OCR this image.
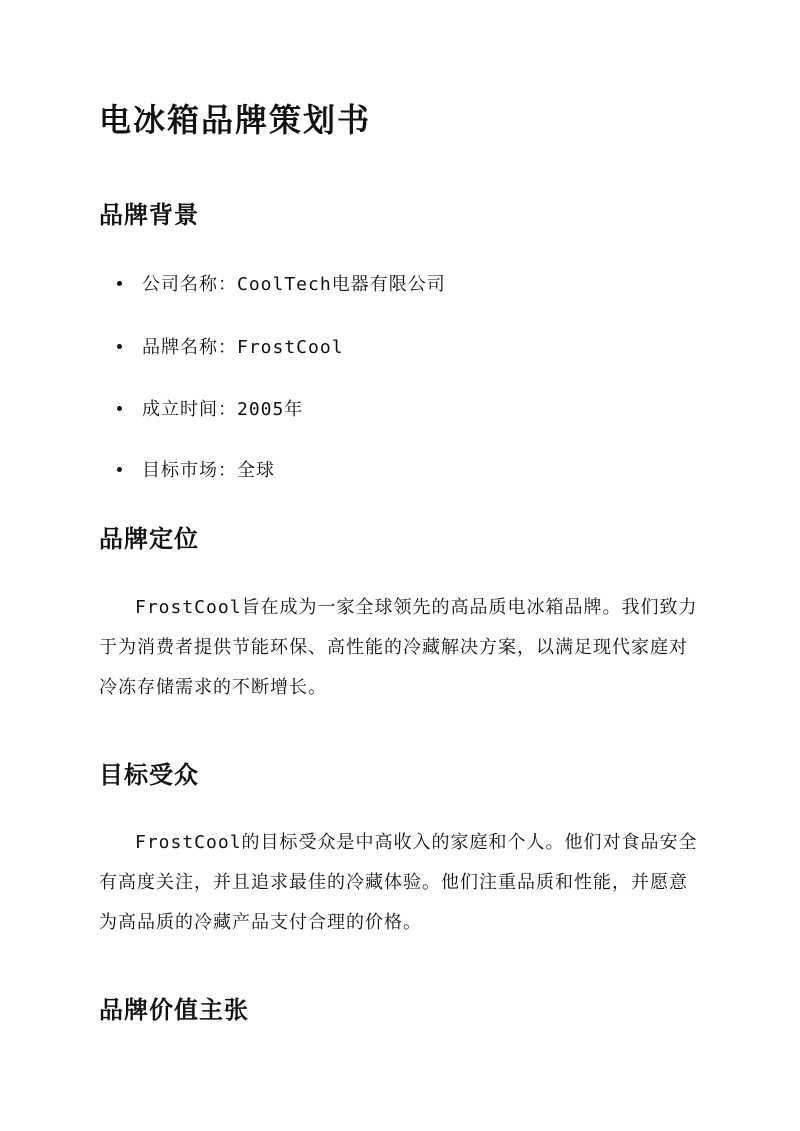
电冰箱品牌策划书
品牌背景
公司名称：CoolTech电器有限公司
品牌名称：FrostCool
成立时间：2005年
目标市场：全球
品牌定位

FrostCool旨在成为一家全球领先的高品质电冰箱品牌。我们致力于为消费者提供节能环保、高性能的冷藏解决方案，以满足现代家庭对冷冻存储需求的不断增长。

目标受众

FrostCool的目标受众是中高收入的家庭和个人。他们对食品安全有高度关注，并且追求最佳的冷藏体验。他们注重品质和性能，并愿意为高品质的冷藏产品支付合理的价格。

品牌价值主张
